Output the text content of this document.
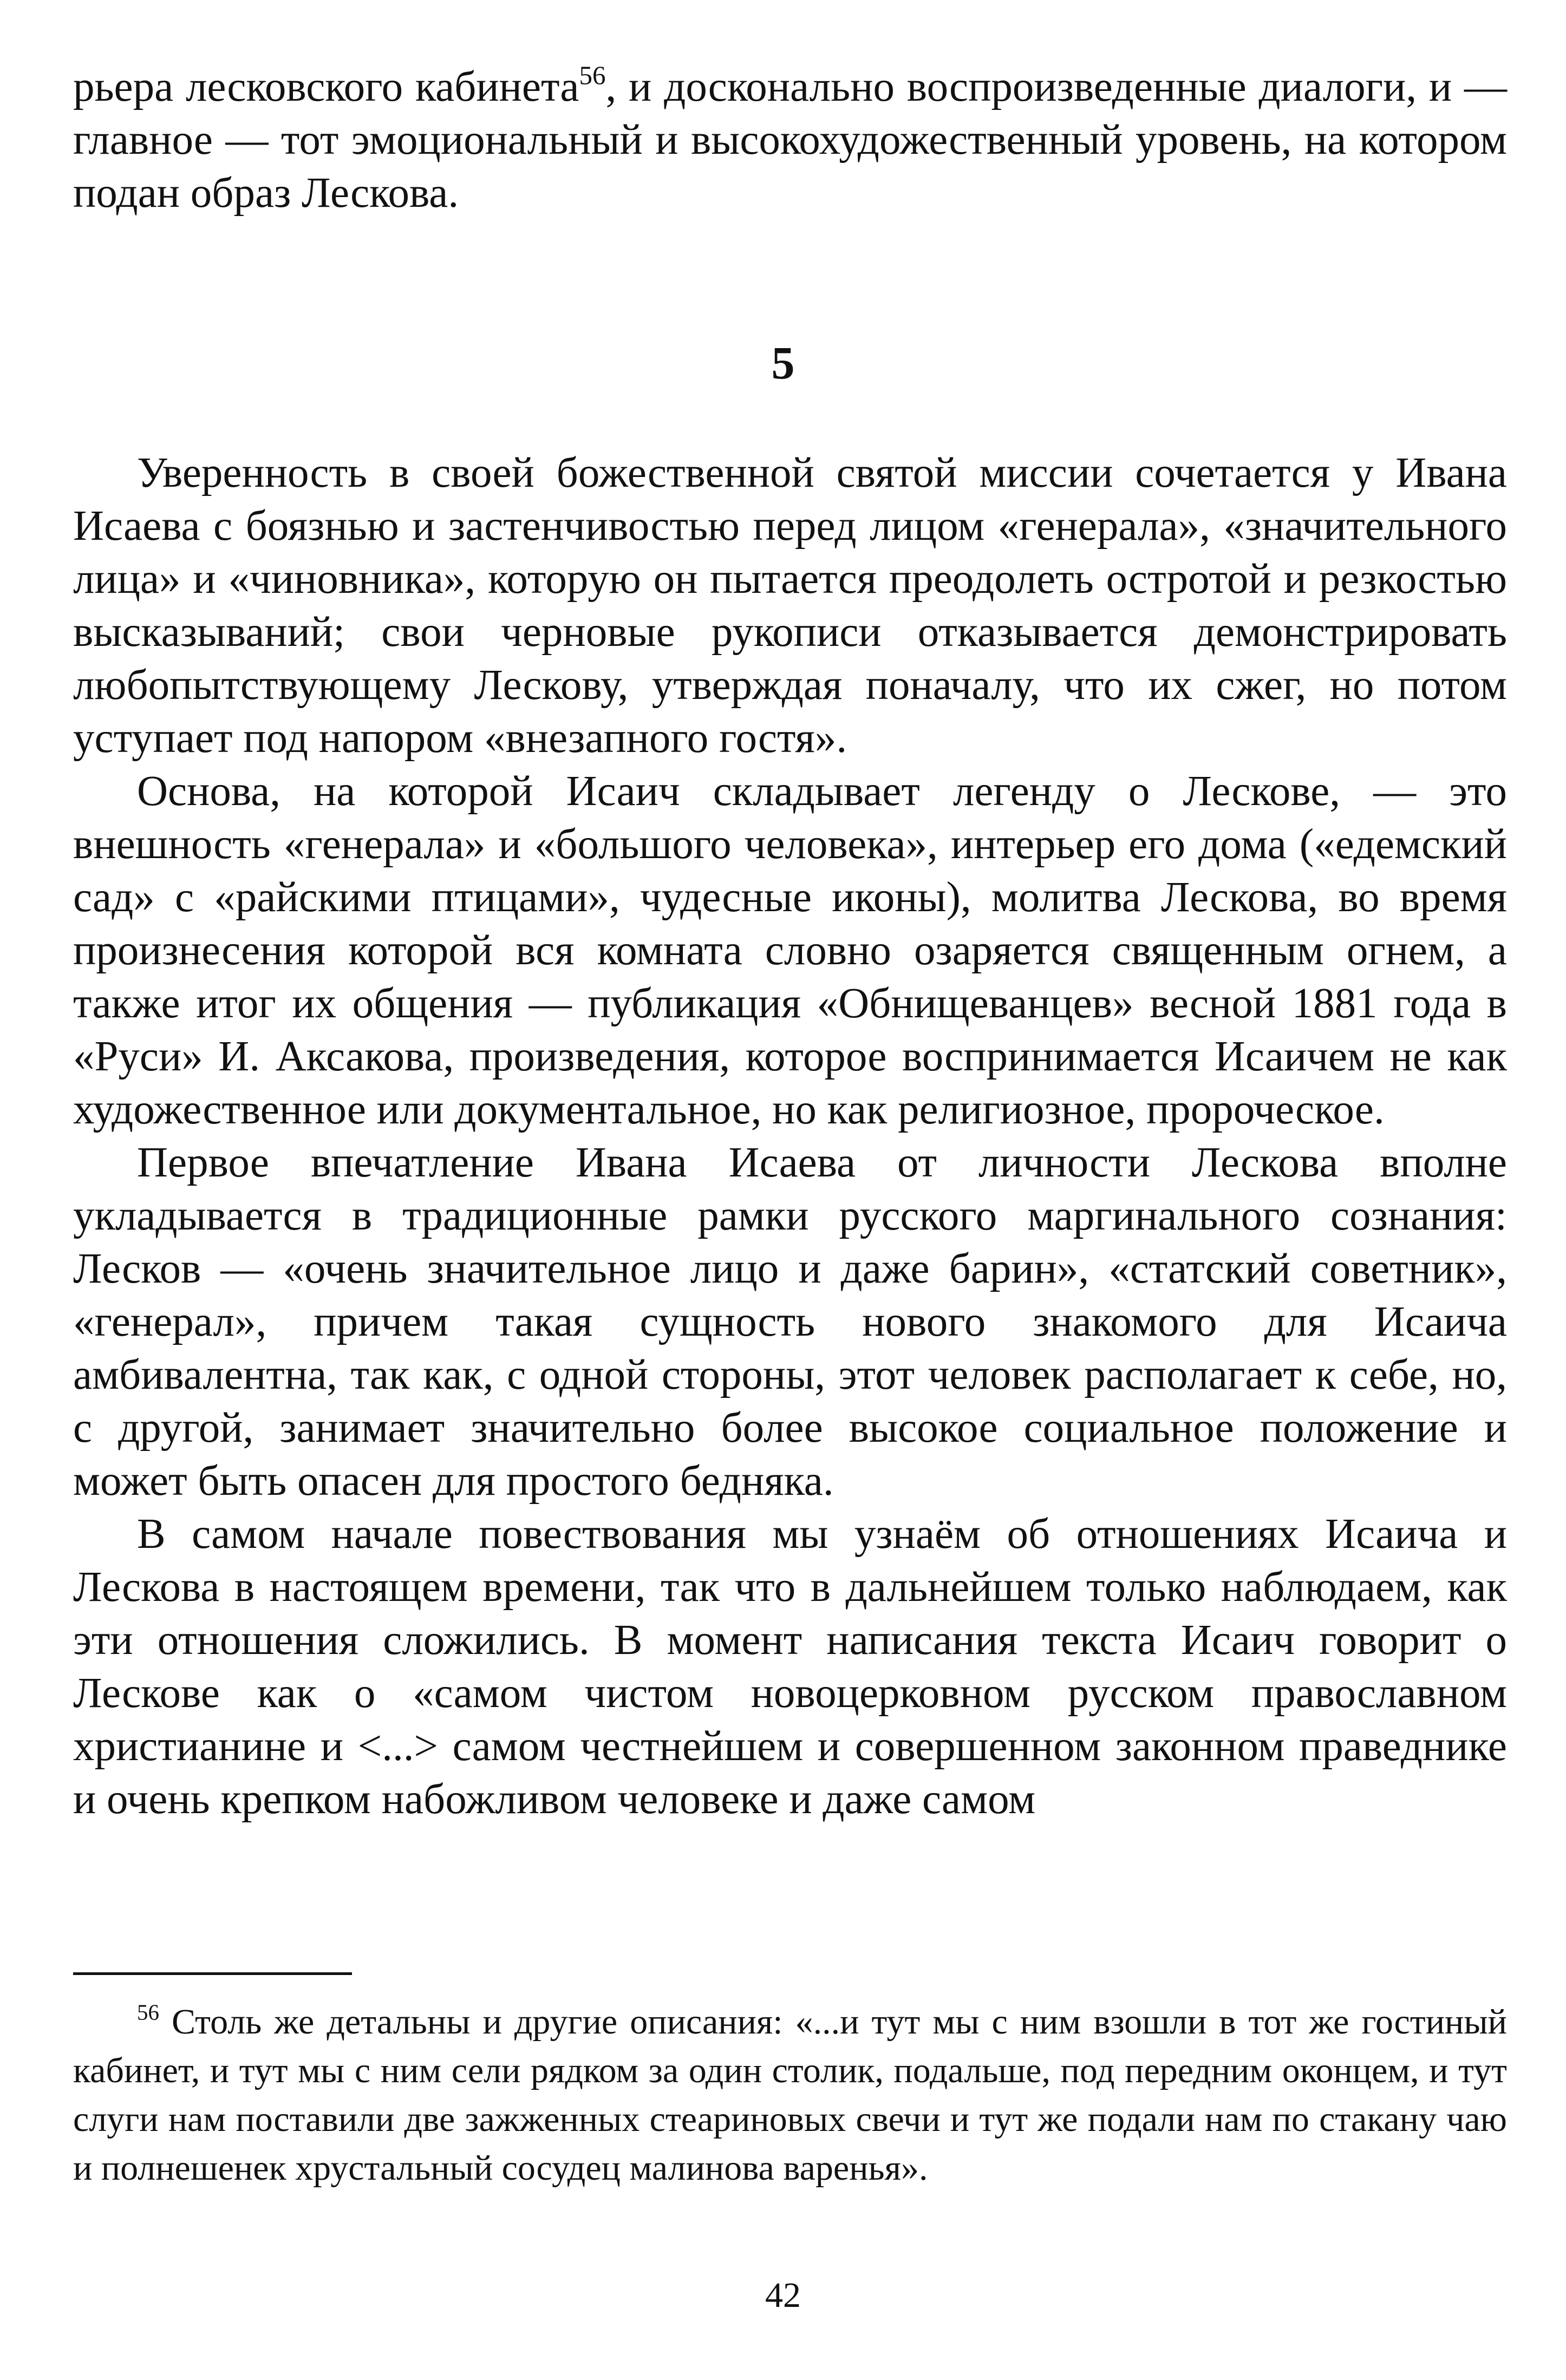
рьера лесковского кабинета$^{56}$, и досконально воспроизведенные диалоги, и — главное — тот эмоциональный и высокохудожественный уровень, на котором подан образ Лескова.

5

Уверенность в своей божественной святой миссии сочетается у Ивана Исаева с боязнью и застенчивостью перед лицом «генерала», «значительного лица» и «чиновника», которую он пытается преодолеть остротой и резкостью высказываний; свои черновые рукописи отказывается демонстрировать любопытствующему Лескову, утверждая поначалу, что их сжег, но потом уступает под напором «внезапного гостя».

Основа, на которой Исаич складывает легенду о Лескове, — это внешность «генерала» и «большого человека», интерьер его дома («едемский сад» с «райскими птицами», чудесные иконы), молитва Лескова, во время произнесения которой вся комната словно озаряется священным огнем, а также итог их общения — публикация «Обнищеванцев» весной 1881 года в «Руси» И. Аксакова, произведения, которое воспринимается Исаичем не как художественное или документальное, но как религиозное, пророческое.

Первое впечатление Ивана Исаева от личности Лескова вполне укладывается в традиционные рамки русского маргинального сознания: Лесков — «очень значительное лицо и даже барин», «статский советник», «генерал», причем такая сущность нового знакомого для Исаича амбивалентна, так как, с одной стороны, этот человек располагает к себе, но, с другой, занимает значительно более высокое социальное положение и может быть опасен для простого бедняка.

В самом начале повествования мы узнаём об отношениях Исаича и Лескова в настоящем времени, так что в дальнейшем только наблюдаем, как эти отношения сложились. В момент написания текста Исаич говорит о Лескове как о «самом чистом новоцерковном русском православном христианине и <...> самом честнейшем и совершенном законном праведнике и очень крепком набожливом человеке и даже самом

$^{56}$ Столь же детальны и другие описания: «...и тут мы с ним взошли в тот же гостиный кабинет, и тут мы с ним сели рядком за один столик, подальше, под передним оконцем, и тут слуги нам поставили две зажженных стеариновых свечи и тут же подали нам по стакану чаю и полнешенек хрустальный сосудец малинова варенья».

42
